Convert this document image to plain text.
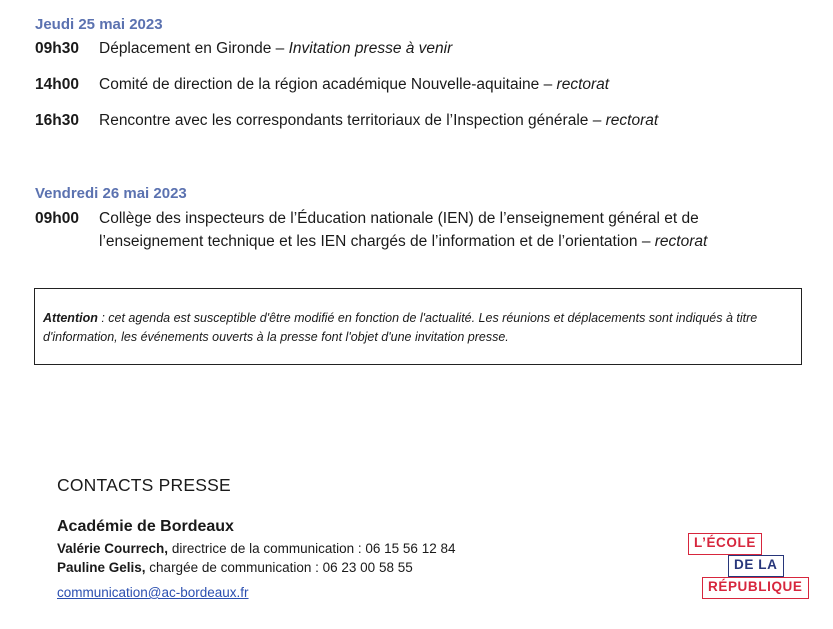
Jeudi 25 mai 2023
09h30 Déplacement en Gironde – Invitation presse à venir
14h00 Comité de direction de la région académique Nouvelle-aquitaine – rectorat
16h30 Rencontre avec les correspondants territoriaux de l’Inspection générale – rectorat
Vendredi 26 mai 2023
09h00 Collège des inspecteurs de l’Éducation nationale (IEN) de l’enseignement général et de
l’enseignement technique et les IEN chargés de l’information et de l’orientation – rectorat
Attention : cet agenda est susceptible d'être modifié en fonction de l'actualité. Les réunions et déplacements sont indiqués à titre d'information, les événements ouverts à la presse font l'objet d'une invitation presse.
CONTACTS PRESSE
Académie de Bordeaux
Valérie Courrech, directrice de la communication : 06 15 56 12 84
Pauline Gelis, chargée de communication : 06 23 00 58 55
communication@ac-bordeaux.fr
L’ÉCOLE
DE LA
RÉPUBLIQUE
